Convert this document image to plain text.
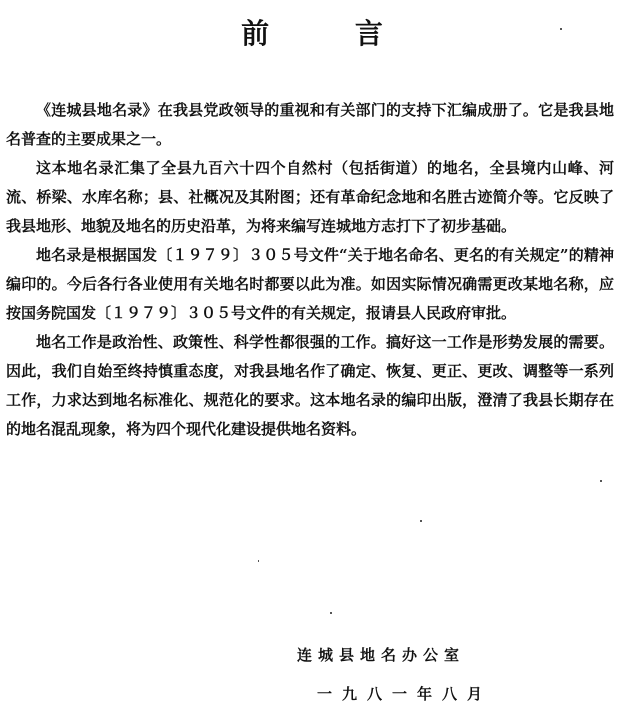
前 言

《连城县地名录》在我县党政领导的重视和有关部门的支持下汇编成册了。它是我县地名普查的主要成果之一。

这本地名录汇集了全县九百六十四个自然村（包括街道）的地名，全县境内山峰、河流、桥梁、水库名称；县、社概况及其附图；还有革命纪念地和名胜古迹简介等。它反映了我县地形、地貌及地名的历史沿革，为将来编写连城地方志打下了初步基础。

地名录是根据国发〔１９７９〕３０５号文件“关于地名命名、更名的有关规定”的精神编印的。今后各行各业使用有关地名时都要以此为准。如因实际情况确需更改某地名称，应按国务院国发〔１９７９〕３０５号文件的有关规定，报请县人民政府审批。

地名工作是政治性、政策性、科学性都很强的工作。搞好这一工作是形势发展的需要。因此，我们自始至终持慎重态度，对我县地名作了确定、恢复、更正、更改、调整等一系列工作，力求达到地名标准化、规范化的要求。这本地名录的编印出版，澄清了我县长期存在的地名混乱现象，将为四个现代化建设提供地名资料。

连城县地名办公室
一九八一年八月
